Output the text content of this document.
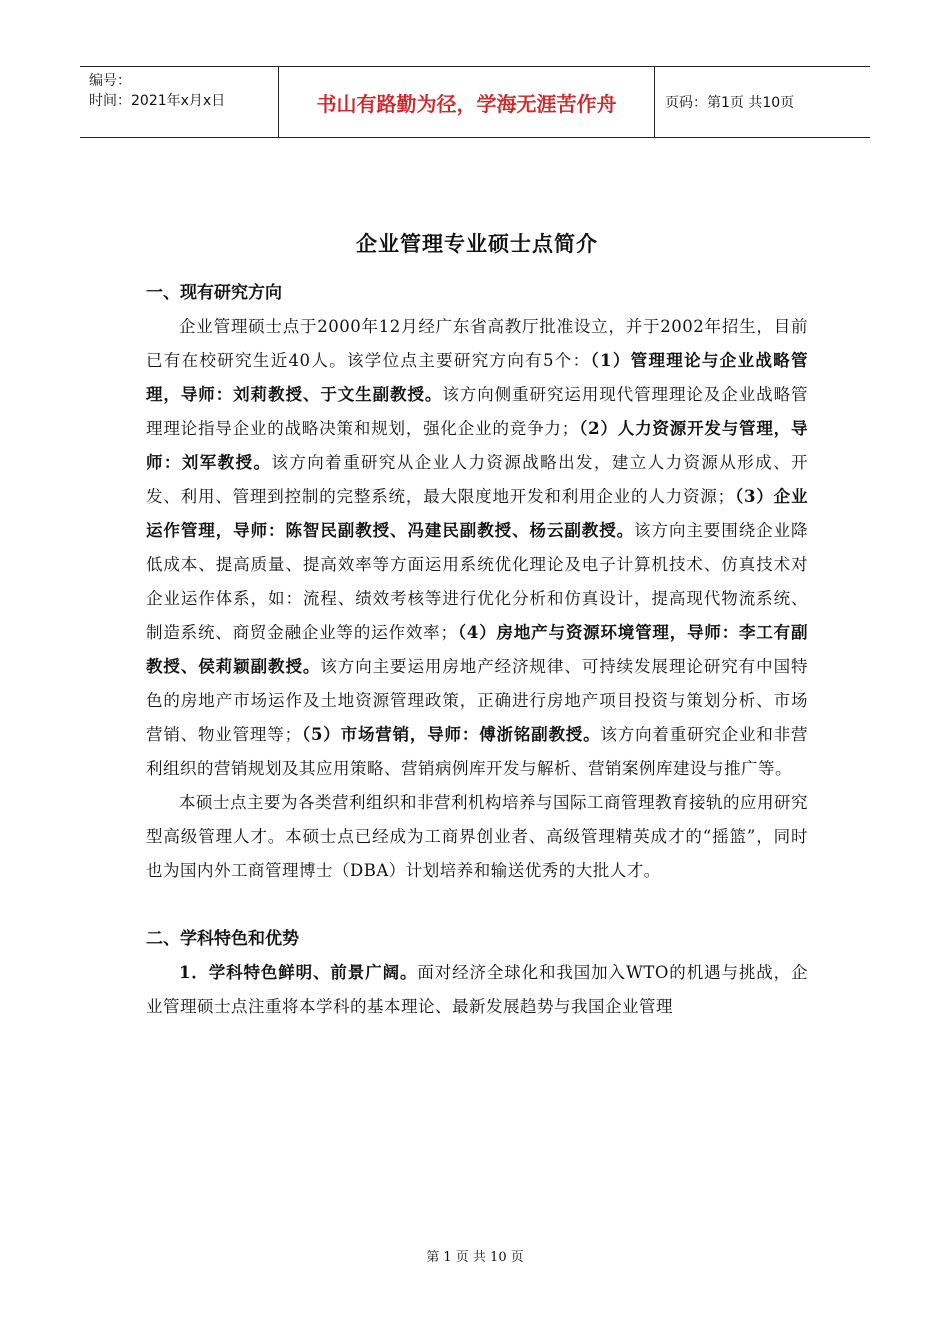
编号：
时间：2021年x月x日	书山有路勤为径，学海无涯苦作舟	页码：第1页 共10页
企业管理专业硕士点简介
一、现有研究方向

企业管理硕士点于2000年12月经广东省高教厅批准设立，并于2002年招生，目前已有在校研究生近40人。该学位点主要研究方向有5个：（1）管理理论与企业战略管理，导师：刘莉教授、于文生副教授。该方向侧重研究运用现代管理理论及企业战略管理理论指导企业的战略决策和规划，强化企业的竞争力；（2）人力资源开发与管理，导师：刘军教授。该方向着重研究从企业人力资源战略出发，建立人力资源从形成、开发、利用、管理到控制的完整系统，最大限度地开发和利用企业的人力资源；（3）企业运作管理，导师：陈智民副教授、冯建民副教授、杨云副教授。该方向主要围绕企业降低成本、提高质量、提高效率等方面运用系统优化理论及电子计算机技术、仿真技术对企业运作体系，如：流程、绩效考核等进行优化分析和仿真设计，提高现代物流系统、制造系统、商贸金融企业等的运作效率；（4）房地产与资源环境管理，导师：李工有副教授、侯莉颖副教授。该方向主要运用房地产经济规律、可持续发展理论研究有中国特色的房地产市场运作及土地资源管理政策，正确进行房地产项目投资与策划分析、市场营销、物业管理等；（5）市场营销，导师：傅浙铭副教授。该方向着重研究企业和非营利组织的营销规划及其应用策略、营销病例库开发与解析、营销案例库建设与推广等。

本硕士点主要为各类营利组织和非营利机构培养与国际工商管理教育接轨的应用研究型高级管理人才。本硕士点已经成为工商界创业者、高级管理精英成才的“摇篮”，同时也为国内外工商管理博士（DBA）计划培养和输送优秀的大批人才。

二、学科特色和优势

1．学科特色鲜明、前景广阔。面对经济全球化和我国加入WTO的机遇与挑战，企业管理硕士点注重将本学科的基本理论、最新发展趋势与我国企业管理

第 1 页 共 10 页
